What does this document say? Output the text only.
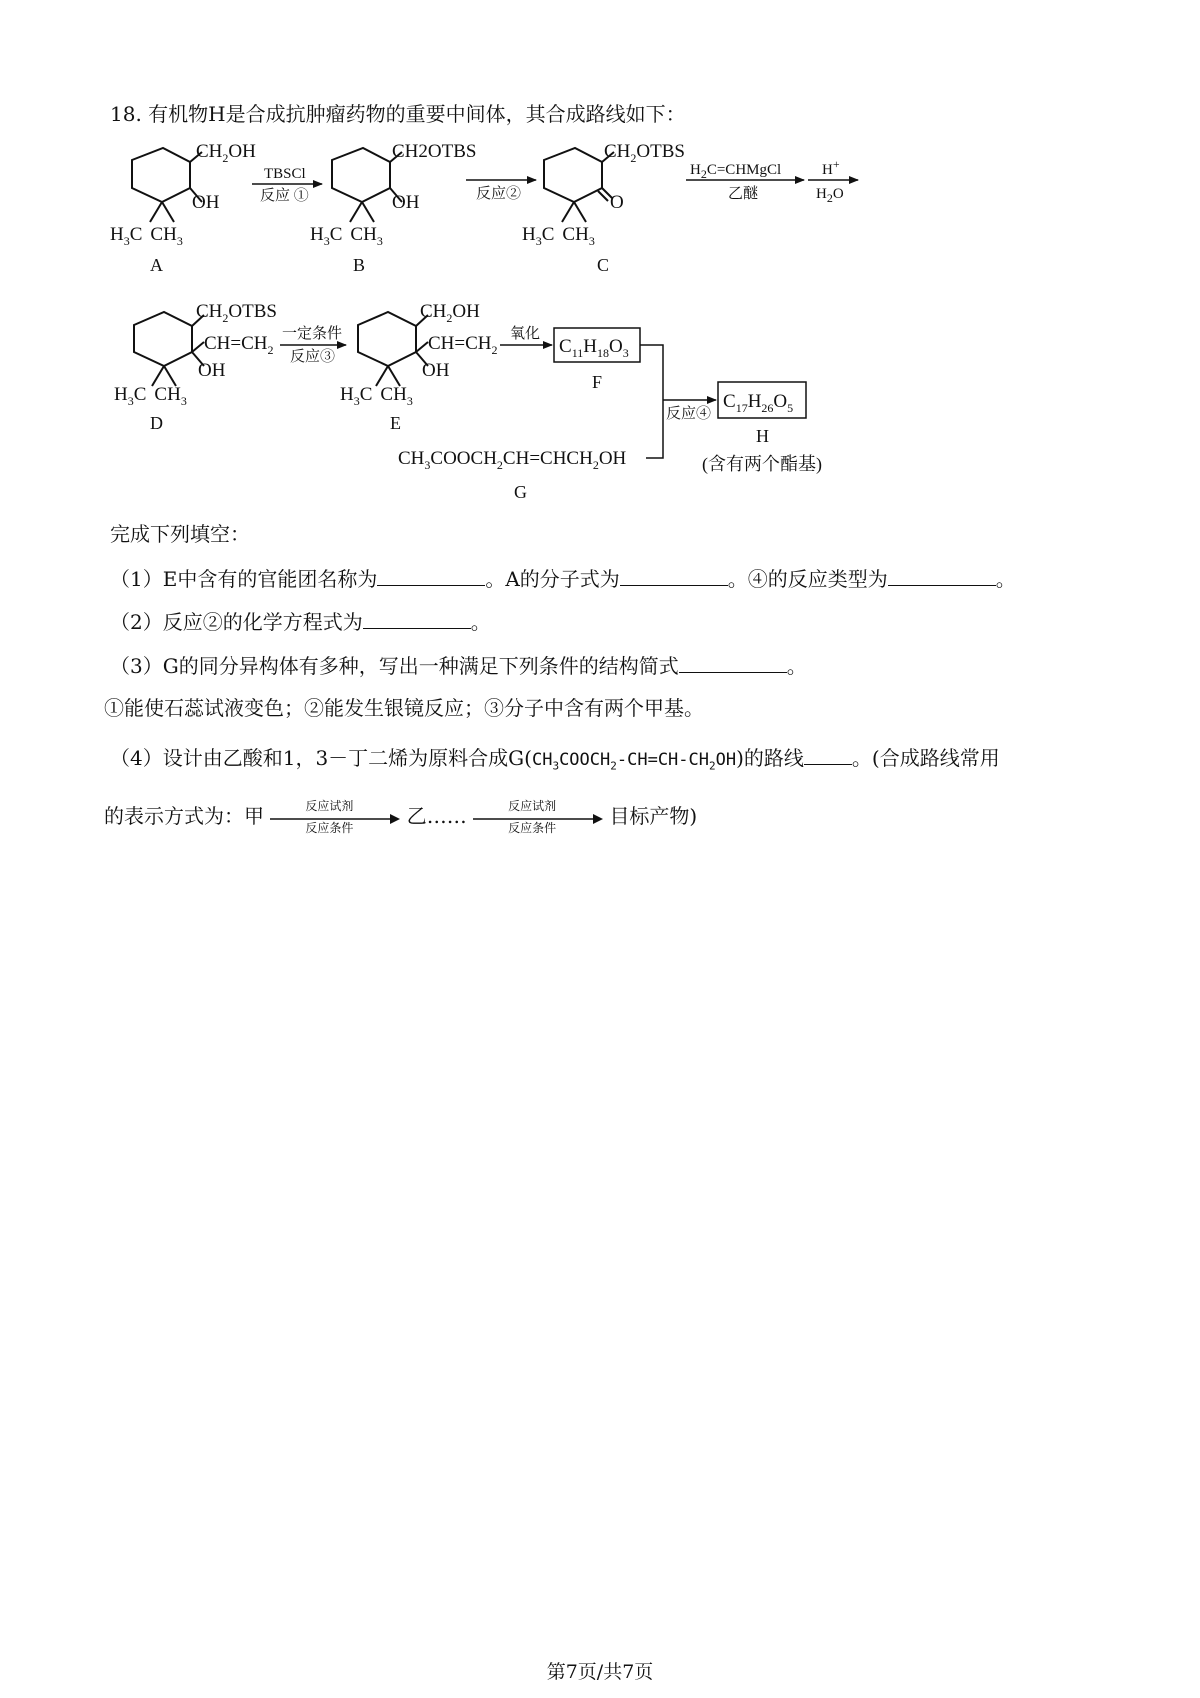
18. 有机物H是合成抗肿瘤药物的重要中间体，其合成路线如下：
$CH_2OH$
OH
$H_3C$ $CH_3$
A
TBSCl
反应 ①
CH2OTBS
OH
$H_3C$ $CH_3$
B
反应②
$CH_2OTBS$
O
$H_3C$ $CH_3$
C
$H_2C=CHMgCl$
乙醚
H+
$H_2O$
$CH_2OTBS$
$CH=CH_2$
OH
$H_3C$ $CH_3$
D
一定条件
反应③
$CH_2OH$
$CH=CH_2$
OH
$H_3C$ $CH_3$
E
氧化
$C_{11}H_{18}O_3$
F
反应④
$C_{17}H_{26}O_5$
H
(含有两个酯基)
$CH_3COOCH_2CH=CHCH_2OH$
G
完成下列填空：
（1）E中含有的官能团名称为	。A的分子式为	。④的反应类型为	。
（2）反应②的化学方程式为	。
（3）G的同分异构体有多种，写出一种满足下列条件的结构简式	。
①能使石蕊试液变色；②能发生银镜反应；③分子中含有两个甲基。
（4）设计由乙酸和1，3－丁二烯为原料合成$G(CH_3COOCH_2-CH=CH-CH_2OH)$的路线 。(合成路线常用
的表示方式为：甲	反应试剂
反应条件	乙……	反应试剂
反应条件	目标产物)
第7页/共7页
